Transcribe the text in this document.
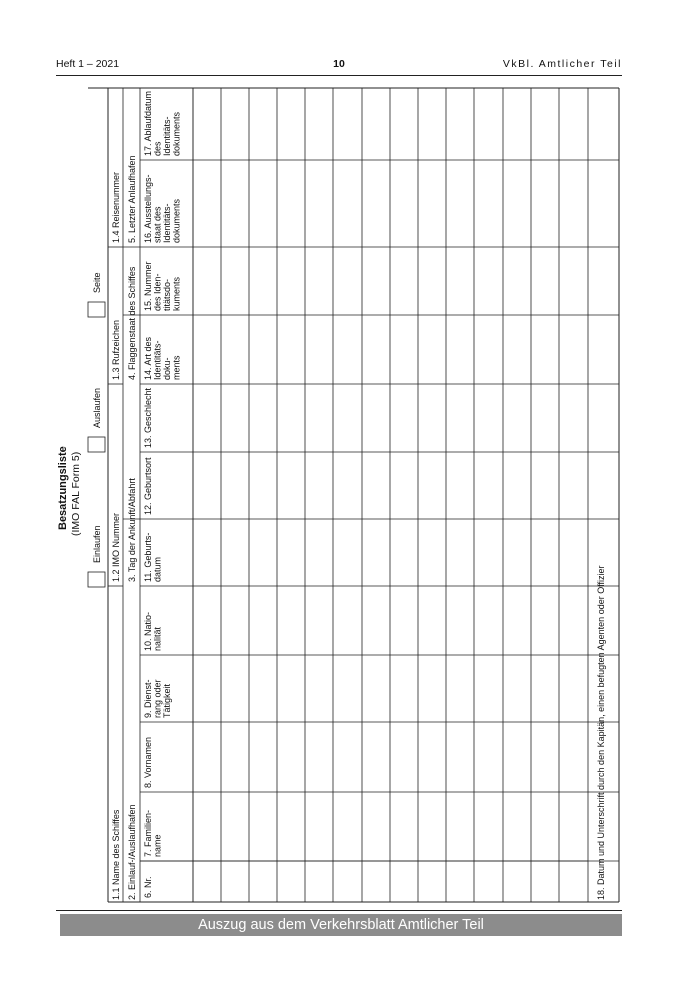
Heft 1 – 2021	10	VkBl. Amtlicher Teil
Besatzungsliste (IMO FAL Form 5)
Einlaufen
Auslaufen
Seite
1.1 Name des Schiffes
1.2 IMO Nummer
1.3 Rufzeichen
1.4 Reisenummer
2. Einlauf-/Auslaufhafen
3. Tag der Ankunft/Abfahrt
4. Flaggenstaat des Schiffes
5. Letzter Anlaufhafen
6. Nr.
7. Familien- name
8. Vornamen
9. Dienst- rang oder Tätigkeit
10. Natio- nalität
11. Geburts- datum
12. Geburtsort
13. Geschlecht
14. Art des Identitäts- doku- ments
15. Nummer des Iden- titätsdo- kuments
16. Ausstellungs- staat des Identitäts- dokuments
17. Ablaufdatum des Identitäts- dokuments
18. Datum und Unterschrift durch den Kapitän, einen befugten Agenten oder Offizier
Auszug aus dem Verkehrsblatt Amtlicher Teil
